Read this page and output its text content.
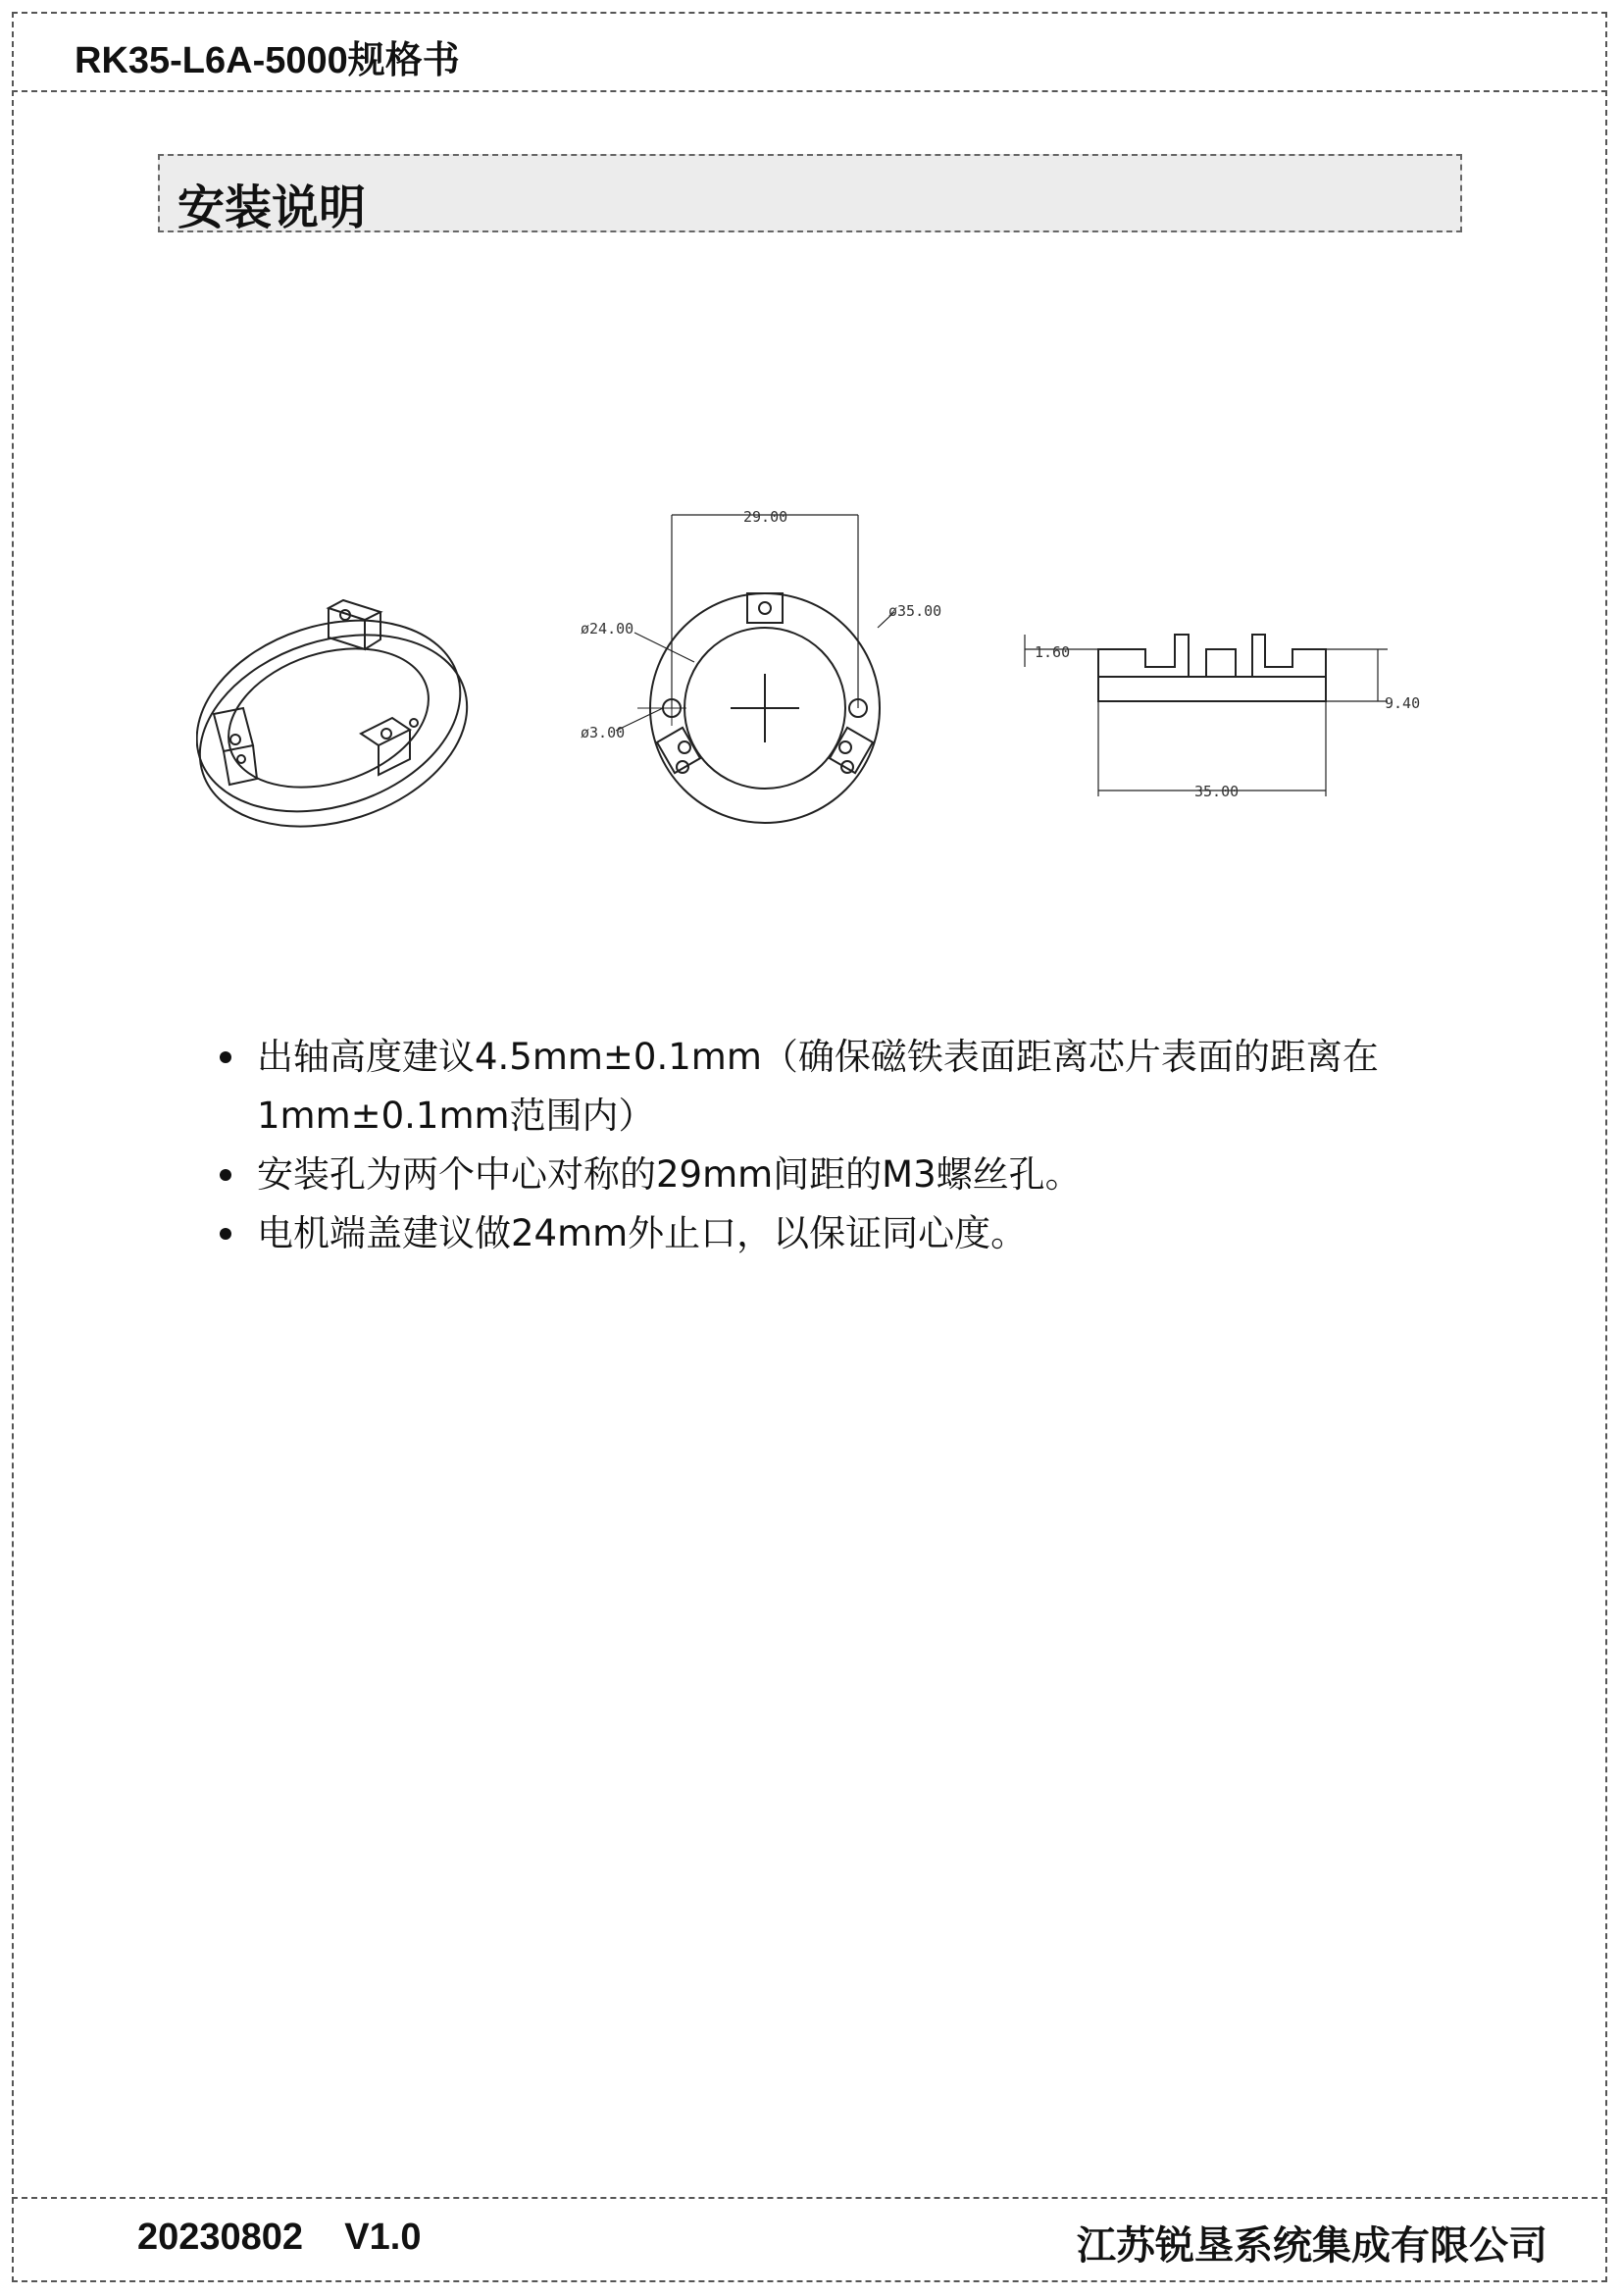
RK35-L6A-5000规格书
安装说明
29.00
ø35.00
ø24.00
ø3.00
1.60
9.40
35.00
出轴高度建议4.5mm±0.1mm（确保磁铁表面距离芯片表面的距离在1mm±0.1mm范围内）
安装孔为两个中心对称的29mm间距的M3螺丝孔。
电机端盖建议做24mm外止口，以保证同心度。
20230802    V1.0	江苏锐垦系统集成有限公司
